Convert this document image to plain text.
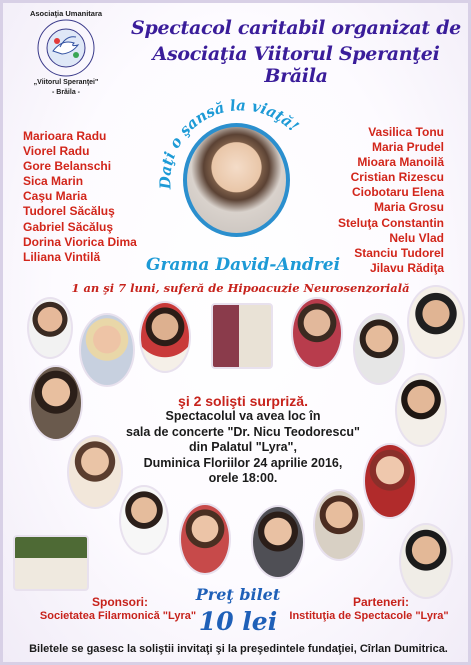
Asociaţia Umanitara
„Viitorul Speranţei"
- Brăila -
Spectacol caritabil organizat de
Asociaţia Viitorul Speranţei Brăila
Marioara Radu
Viorel Radu
Gore Belanschi
Sica Marin
Caşu Maria
Tudorel Săcăluş
Gabriel Săcăluş
Dorina Viorica Dima
Liliana Vintilă
Vasilica Tonu
Maria Prudel
Mioara Manoilă
Cristian Rizescu
Ciobotaru Elena
Maria Grosu
Steluţa Constantin
Nelu Vlad
Stanciu Tudorel
Jilavu Rădiţa
Daţi o şansă la viaţă!
Grama David-Andrei
1 an şi 7 luni, suferă de Hipoacuzie Neurosenzorială
şi 2 solişti surpriză.
Spectacolul va avea loc în
sala de concerte "Dr. Nicu Teodorescu"
din Palatul "Lyra",
Duminica Floriilor 24 aprilie 2016,
orele 18:00.
Preţ bilet
10 lei
Sponsori:
Societatea Filarmonică "Lyra"
Parteneri:
Instituţia de Spectacole "Lyra"
Biletele se gasesc la soliştii invitaţi şi la preşedintele fundaţiei, Cîrlan Dumitrica.
